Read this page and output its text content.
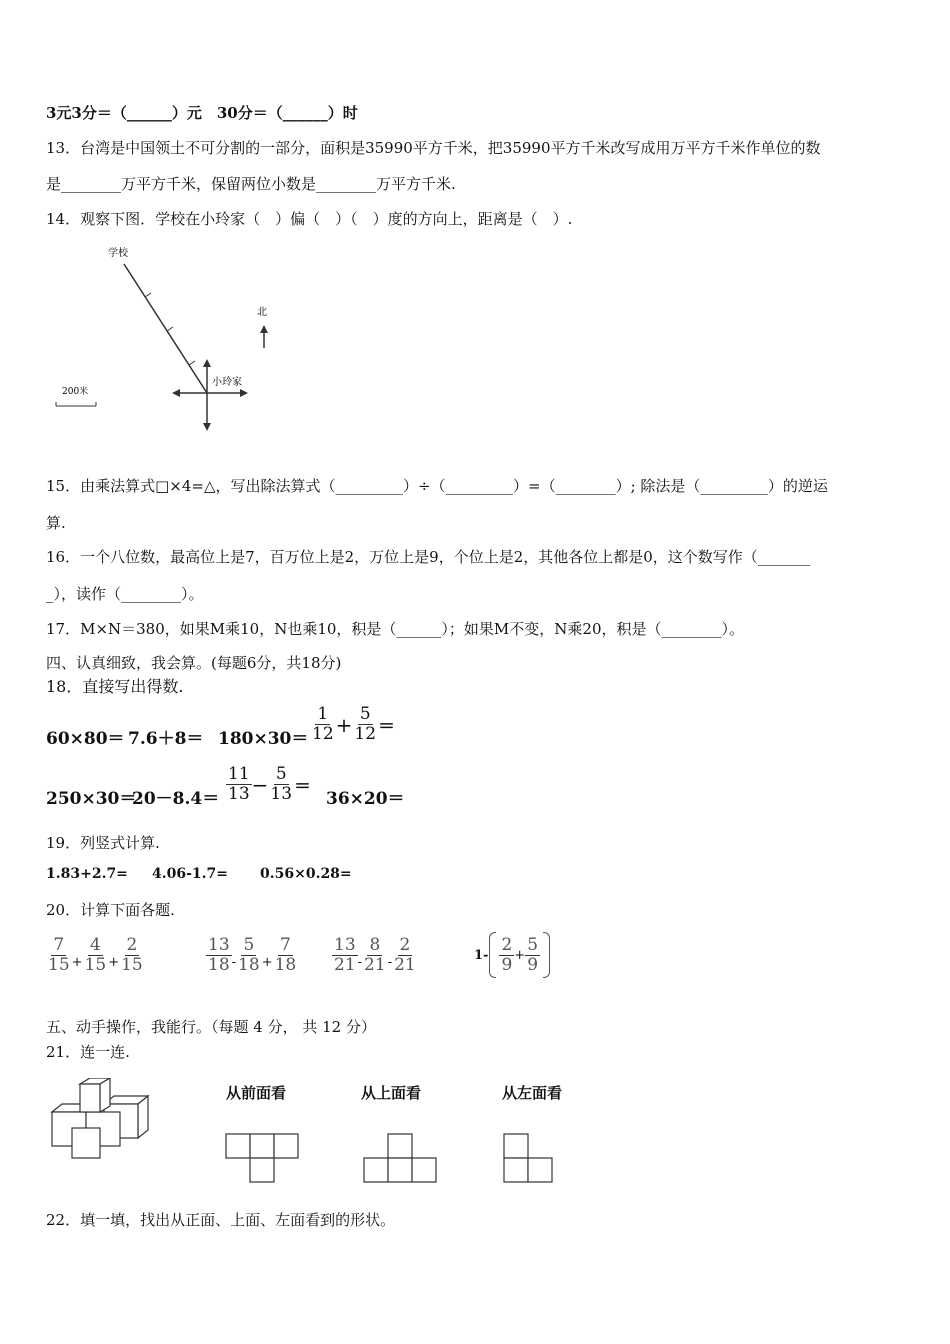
3元3分＝（______）元　30分＝（______）时
13．台湾是中国领土不可分割的一部分，面积是35990平方千米，把35990平方千米改写成用万平方千米作单位的数
是________万平方千米，保留两位小数是________万平方千米.
14．观察下图．学校在小玲家（　）偏（　）（　）度的方向上，距离是（　）.
学校
小玲家
北
200米
15．由乘法算式□×4=△，写出除法算式（_________）÷（_________）=（________）; 除法是（_________）的逆运
算.
16．一个八位数，最高位上是7，百万位上是2，万位上是9，个位上是2，其他各位上都是0，这个数写作（_______
_），读作（________）。
17．M×N＝380，如果M乘10，N也乘10，积是（______）；如果M不变，N乘20，积是（________）。
四、认真细致，我会算。(每题6分，共18分)
18．直接写出得数.
$60\times 80= 7.6+8= 180\times 30= \frac{1}{12} + \frac{5}{12}$ ＝
250×30＝
$20-8.4= \frac{11}{13} - \frac{5}{13}$ ＝
36×20＝
19．列竖式计算.
1.83+2.7= 4.06-1.7= 0.56×0.28=
20．计算下面各题.
$\frac{7}{15} + \frac{4}{15} + \frac{2}{15}$	$\frac{13}{18} - \frac{5}{18} + \frac{7}{18} \frac{13}{21} - \frac{8}{21} - \frac{2}{21}$	$1- \frac{2}{9} + \frac{5}{9}$
五、动手操作，我能行。（每题 4 分， 共 12 分）
21．连一连.
从前面看	从上面看	从左面看
22．填一填，找出从正面、上面、左面看到的形状。
